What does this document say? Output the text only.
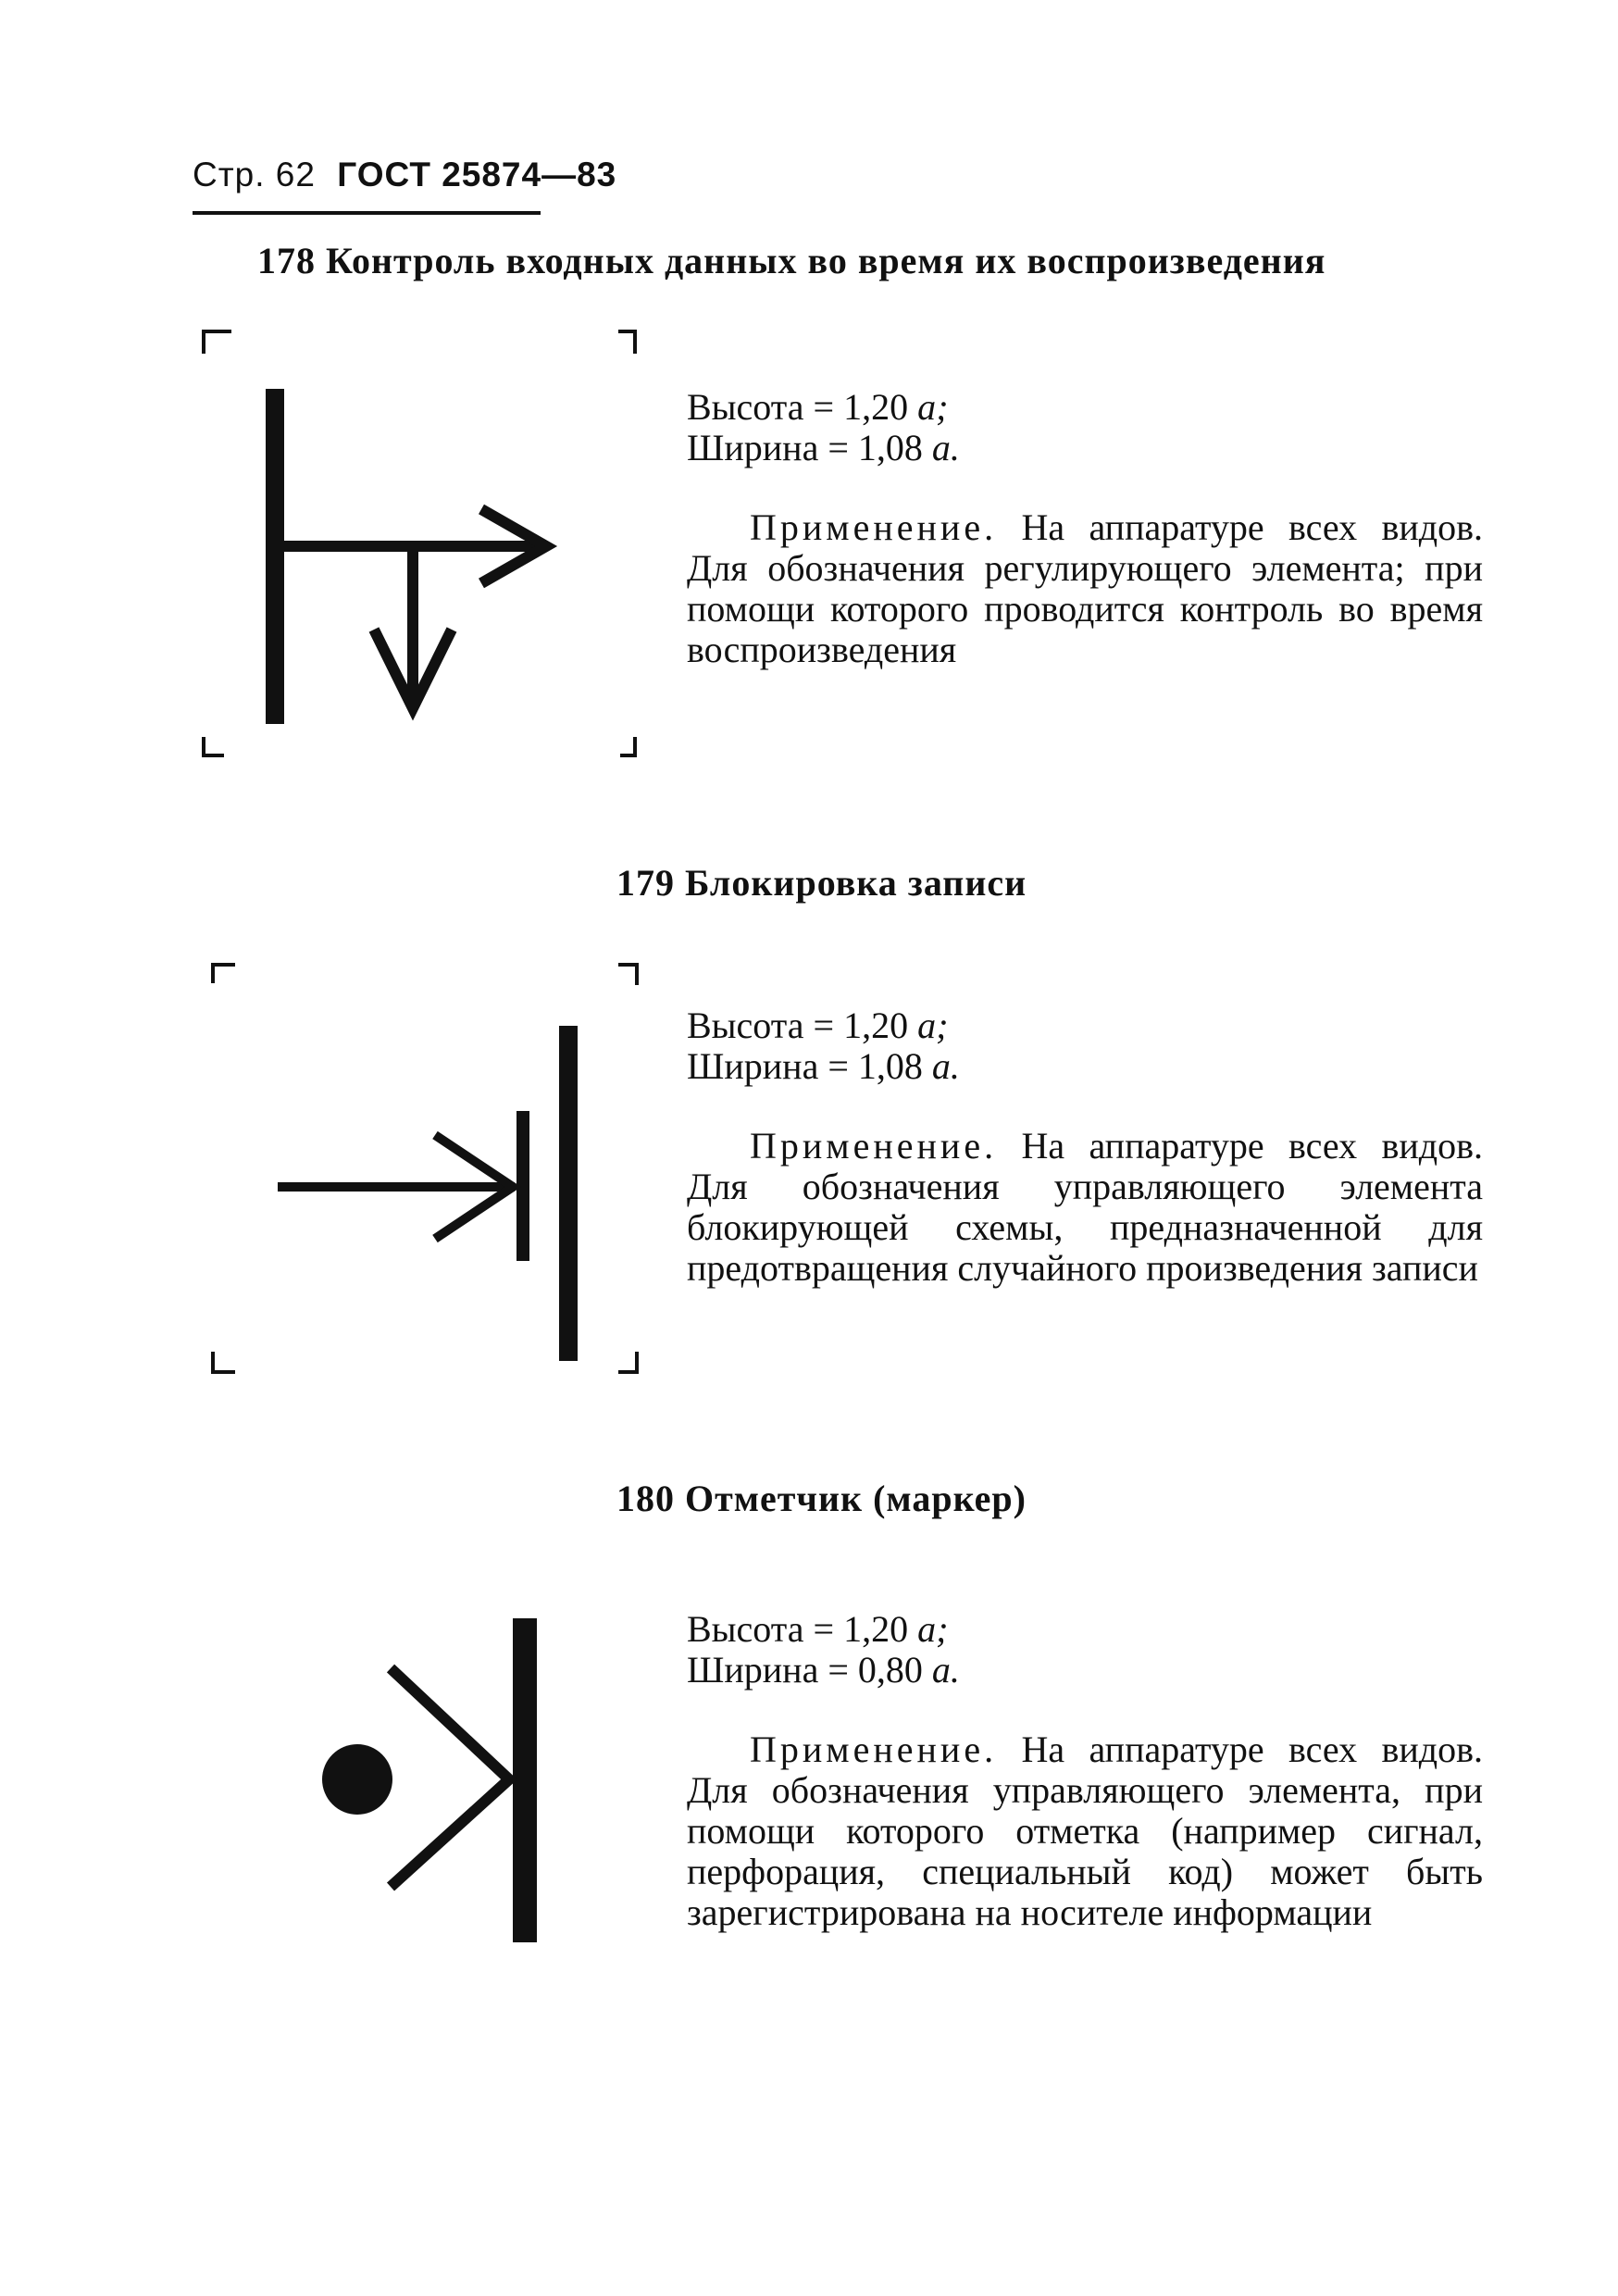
Стр. 62 ГОСТ 25874—83
178 Контроль входных данных во время их воспроизведения

Высота = 1,20 a;

Ширина = 1,08 a.

Применение. На аппаратуре всех видов. Для обозначения регулирующего элемента; при помощи которого проводится контроль во время воспроизведения

179 Блокировка записи

Высота = 1,20 a;

Ширина = 1,08 a.

Применение. На аппаратуре всех видов. Для обозначения управляющего элемента блокирующей схемы, предназначенной для предотвращения случайного произведения записи

180 Отметчик (маркер)

Высота = 1,20 a;

Ширина = 0,80 a.

Применение. На аппаратуре всех видов. Для обозначения управляющего элемента, при помощи которого отметка (например сигнал, перфорация, специальный код) может быть зарегистрирована на носителе информации
